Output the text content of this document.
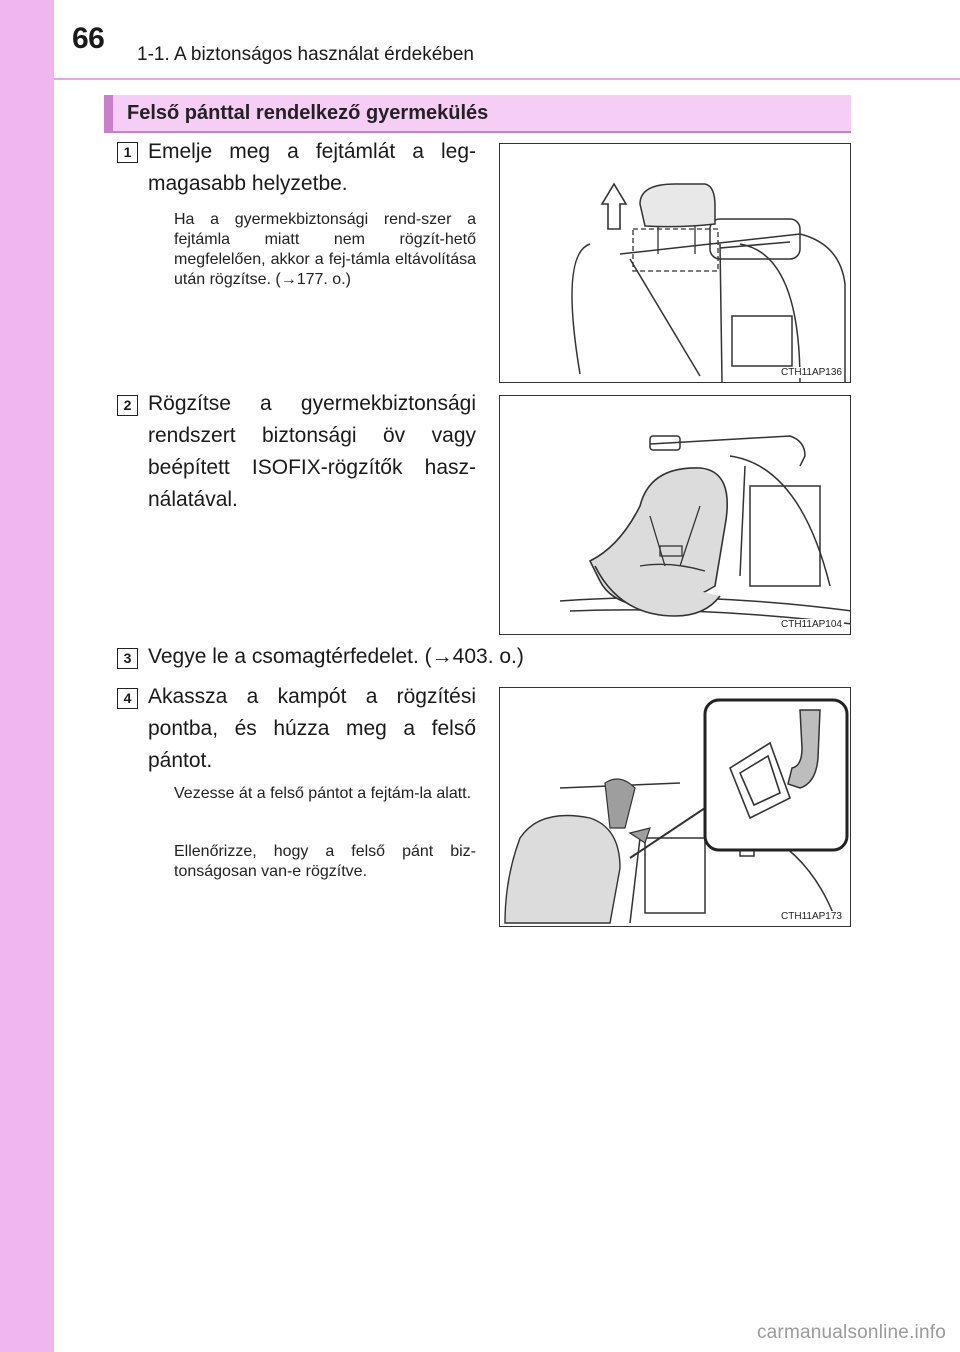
66 1-1. A biztonságos használat érdekében
Felső pánttal rendelkező gyermekülés
1 Emelje meg a fejtámlát a leg-magasabb helyzetbe.
Ha a gyermekbiztonsági rend-szer a fejtámla miatt nem rögzít-hető megfelelően, akkor a fej-támla eltávolítása után rögzítse. (→177. o.)
CTH11AP136
2 Rögzítse a gyermekbiztonsági rendszert biztonsági öv vagy beépített ISOFIX-rögzítők hasz-nálatával.
CTH11AP104
3 Vegye le a csomagtérfedelet. (→403. o.)
4 Akassza a kampót a rögzítési pontba, és húzza meg a felső pántot.
Vezesse át a felső pántot a fejtám-la alatt.
Ellenőrizze, hogy a felső pánt biz-tonságosan van-e rögzítve.
CTH11AP173
carmanualsonline.info
